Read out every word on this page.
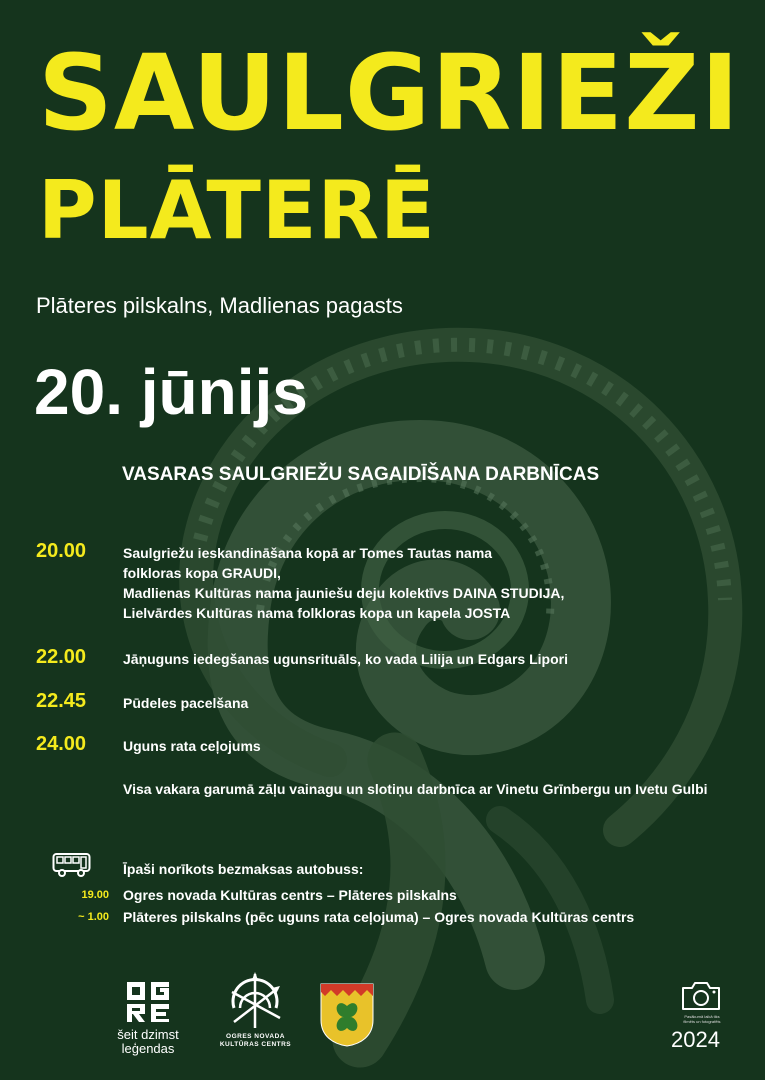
SAULGRIEŽI
PLĀTERĒ
Plāteres pilskalns, Madlienas pagasts
20. jūnijs
VASARAS SAULGRIEŽU SAGAIDĪŠANA DARBNĪCAS
20.00	Saulgriežu ieskandināšana kopā ar Tomes Tautas nama
folkloras kopa GRAUDI,
Madlienas Kultūras nama jauniešu deju kolektīvs DAINA STUDIJA,
Lielvārdes Kultūras nama folkloras kopa un kapela JOSTA
22.00	Jāņuguns iedegšanas ugunsrituāls, ko vada Lilija un Edgars Lipori
22.45	Pūdeles pacelšana
24.00	Uguns rata ceļojums
Visa vakara garumā zāļu vainagu un slotiņu darbnīca ar Vinetu Grīnbergu un Ivetu Gulbi
Īpaši norīkots bezmaksas autobuss:
19.00 Ogres novada Kultūras centrs – Plāteres pilskalns
~ 1.00 Plāteres pilskalns (pēc uguns rata ceļojuma) – Ogres novada Kultūras centrs
šeit dzimst
leģendas
OGRES NOVADA
KULTŪRAS CENTRS
Pasākumā laikā tiks
filmēts un fotografēts
2024
